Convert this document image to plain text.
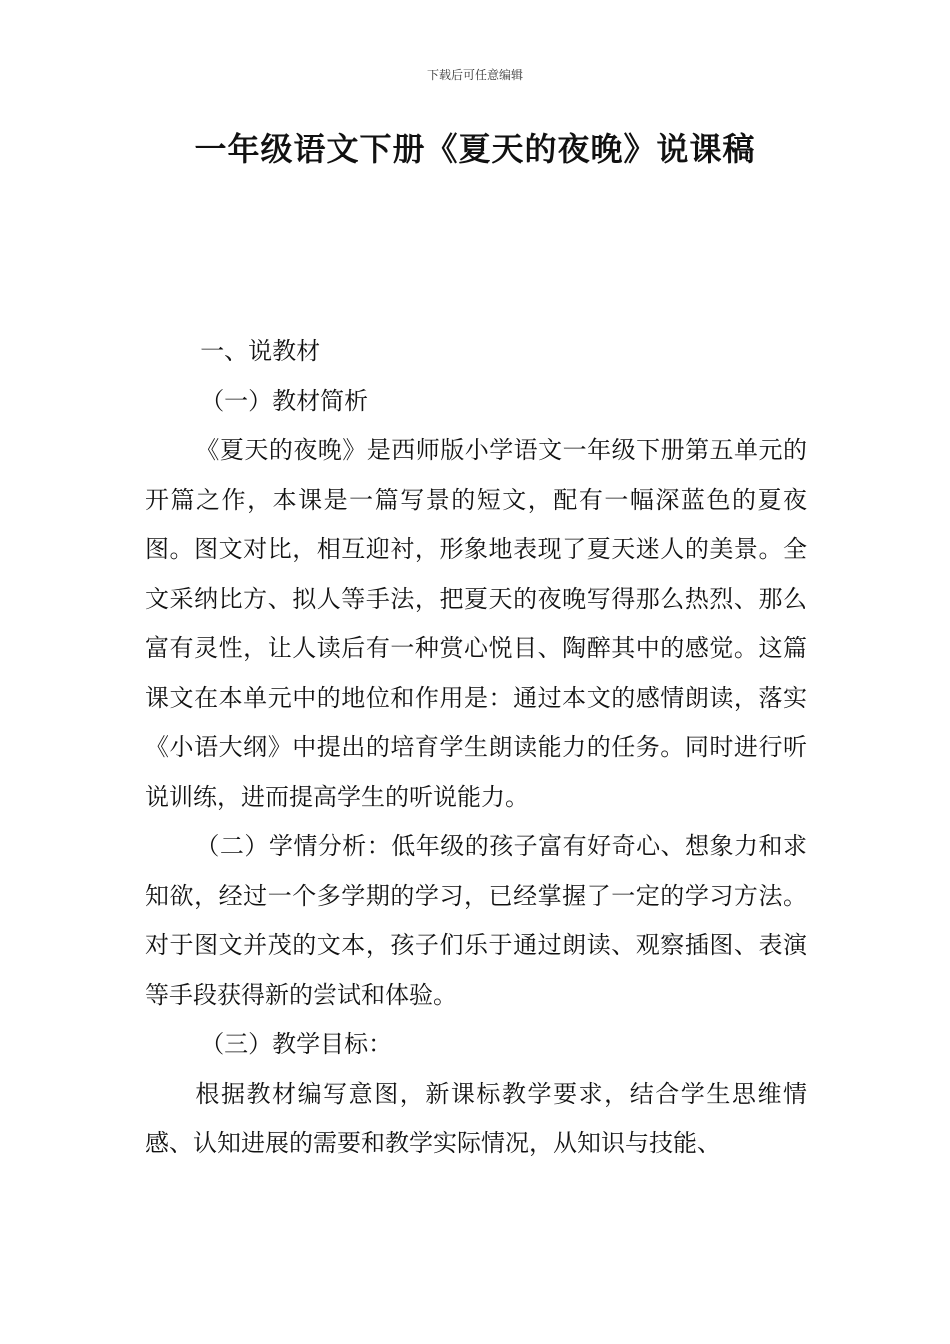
下载后可任意编辑
一年级语文下册《夏天的夜晚》说课稿

一、说教材

（一）教材简析

《夏天的夜晚》是西师版小学语文一年级下册第五单元的开篇之作，本课是一篇写景的短文，配有一幅深蓝色的夏夜图。图文对比，相互迎衬，形象地表现了夏天迷人的美景。全文采纳比方、拟人等手法，把夏天的夜晚写得那么热烈、那么富有灵性，让人读后有一种赏心悦目、陶醉其中的感觉。这篇课文在本单元中的地位和作用是：通过本文的感情朗读，落实《小语大纲》中提出的培育学生朗读能力的任务。同时进行听说训练，进而提高学生的听说能力。

（二）学情分析：低年级的孩子富有好奇心、想象力和求知欲，经过一个多学期的学习，已经掌握了一定的学习方法。对于图文并茂的文本，孩子们乐于通过朗读、观察插图、表演等手段获得新的尝试和体验。

（三）教学目标：

根据教材编写意图，新课标教学要求，结合学生思维情感、认知进展的需要和教学实际情况，从知识与技能、
